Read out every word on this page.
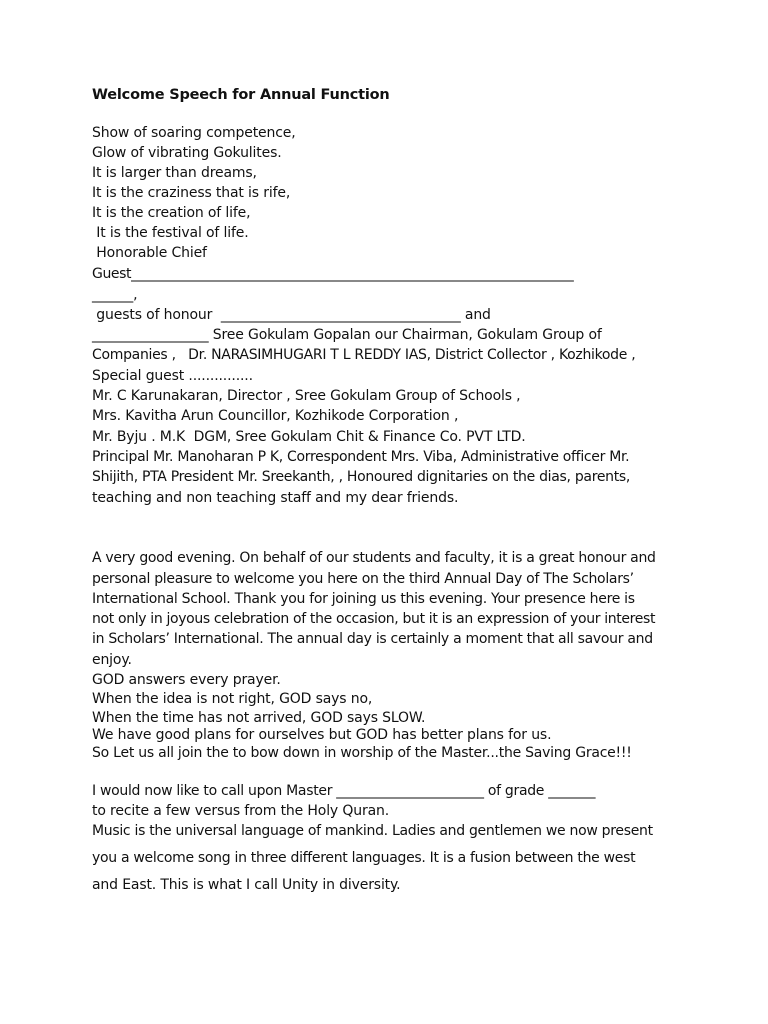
Welcome Speech for Annual Function
Show of soaring competence,
Glow of vibrating Gokulites.
It is larger than dreams,
It is the craziness that is rife,
It is the creation of life,
It is the festival of life.
Honorable Chief
Guest___________________________________________________________________
______,
guests of honour  ___________________________________ and
_________________ Sree Gokulam Gopalan our Chairman, Gokulam Group of
Companies ,   Dr. NARASIMHUGARI T L REDDY IAS, District Collector , Kozhikode ,
Special guest ...............
Mr. C Karunakaran, Director , Sree Gokulam Group of Schools ,
Mrs. Kavitha Arun Councillor, Kozhikode Corporation ,
Mr. Byju . M.K  DGM, Sree Gokulam Chit & Finance Co. PVT LTD.
Principal Mr. Manoharan P K, Correspondent Mrs. Viba, Administrative officer Mr.
Shijith, PTA President Mr. Sreekanth, , Honoured dignitaries on the dias, parents,
teaching and non teaching staff and my dear friends.
A very good evening. On behalf of our students and faculty, it is a great honour and
personal pleasure to welcome you here on the third Annual Day of The Scholars’
International School. Thank you for joining us this evening. Your presence here is
not only in joyous celebration of the occasion, but it is an expression of your interest
in Scholars’ International. The annual day is certainly a moment that all savour and
enjoy.
GOD answers every prayer.
When the idea is not right, GOD says no,
When the time has not arrived, GOD says SLOW.
We have good plans for ourselves but GOD has better plans for us.
So Let us all join the to bow down in worship of the Master...the Saving Grace!!!
I would now like to call upon Master ______________________ of grade _______
to recite a few versus from the Holy Quran.
Music is the universal language of mankind. Ladies and gentlemen we now present
you a welcome song in three different languages. It is a fusion between the west
and East. This is what I call Unity in diversity.
